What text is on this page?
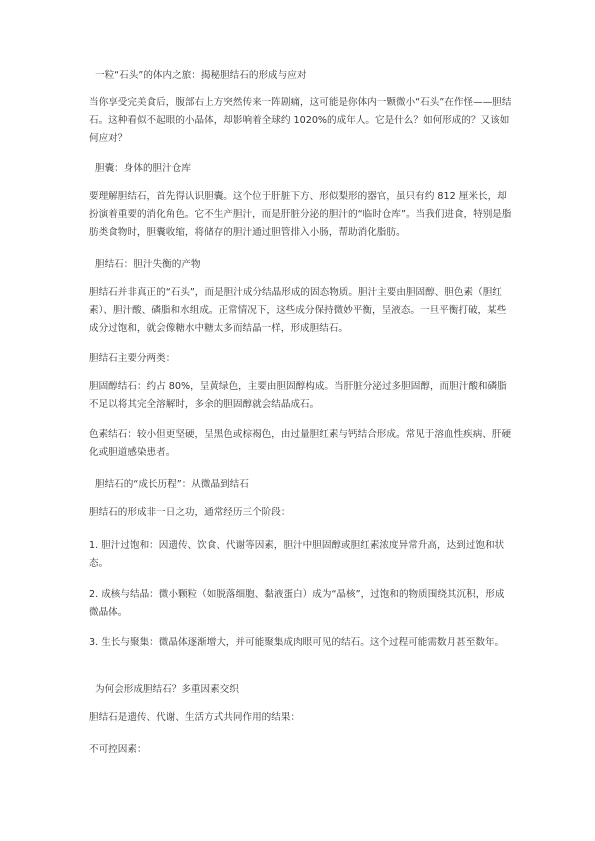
一粒“石头”的体内之旅：揭秘胆结石的形成与应对

当你享受完美食后，腹部右上方突然传来一阵剧痛，这可能是你体内一颗微小“石头”在作怪——胆结石。这种看似不起眼的小晶体，却影响着全球约 1020%的成年人。它是什么？如何形成的？又该如何应对？

胆囊：身体的胆汁仓库

要理解胆结石，首先得认识胆囊。这个位于肝脏下方、形似梨形的器官，虽只有约 812 厘米长，却扮演着重要的消化角色。它不生产胆汁，而是肝脏分泌的胆汁的“临时仓库”。当我们进食，特别是脂肪类食物时，胆囊收缩，将储存的胆汁通过胆管排入小肠，帮助消化脂肪。

胆结石：胆汁失衡的产物

胆结石并非真正的“石头”，而是胆汁成分结晶形成的固态物质。胆汁主要由胆固醇、胆色素（胆红素）、胆汁酸、磷脂和水组成。正常情况下，这些成分保持微妙平衡，呈液态。一旦平衡打破，某些成分过饱和，就会像糖水中糖太多而结晶一样，形成胆结石。

胆结石主要分两类：

胆固醇结石：约占 80%，呈黄绿色，主要由胆固醇构成。当肝脏分泌过多胆固醇，而胆汁酸和磷脂不足以将其完全溶解时，多余的胆固醇就会结晶成石。

色素结石：较小但更坚硬，呈黑色或棕褐色，由过量胆红素与钙结合形成。常见于溶血性疾病、肝硬化或胆道感染患者。

胆结石的“成长历程”：从微晶到结石

胆结石的形成非一日之功，通常经历三个阶段：

1. 胆汁过饱和：因遗传、饮食、代谢等因素，胆汁中胆固醇或胆红素浓度异常升高，达到过饱和状态。

2. 成核与结晶：微小颗粒（如脱落细胞、黏液蛋白）成为“晶核”，过饱和的物质围绕其沉积，形成微晶体。

3. 生长与聚集：微晶体逐渐增大，并可能聚集成肉眼可见的结石。这个过程可能需数月甚至数年。

为何会形成胆结石？多重因素交织

胆结石是遗传、代谢、生活方式共同作用的结果：

不可控因素：
